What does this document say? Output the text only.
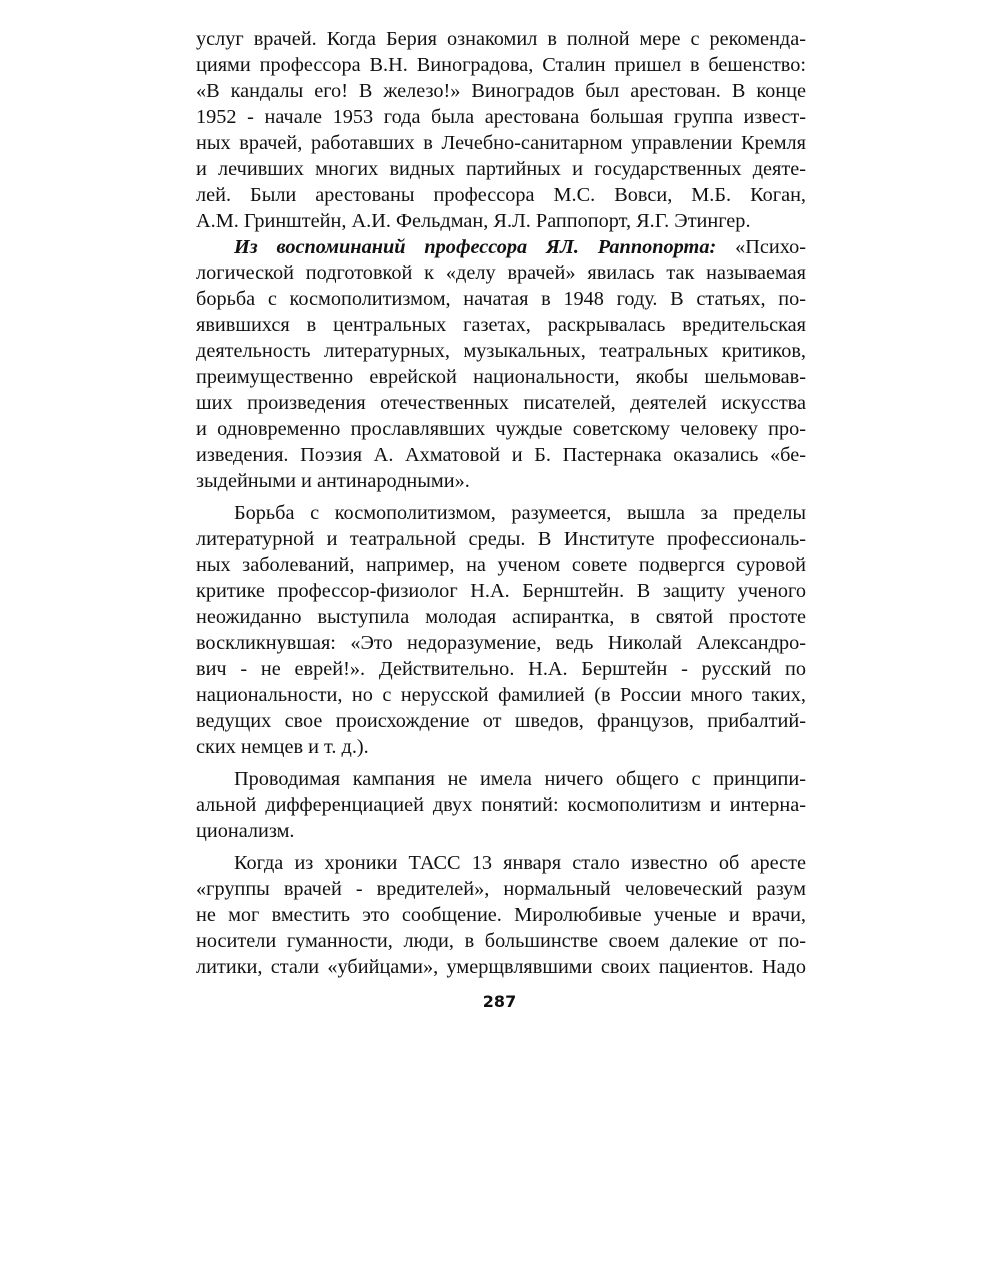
услуг врачей. Когда Берия ознакомил в полной мере с рекоменда-
циями профессора В.Н. Виноградова, Сталин пришел в бешенство:
«В кандалы его! В железо!» Виноградов был арестован. В конце
1952 - начале 1953 года была арестована большая группа извест-
ных врачей, работавших в Лечебно-санитарном управлении Кремля
и лечивших многих видных партийных и государственных деяте-
лей. Были арестованы профессора М.С. Вовси, М.Б. Коган,
А.М. Гринштейн, А.И. Фельдман, Я.Л. Раппопорт, Я.Г. Этингер.
Из воспоминаний профессора ЯЛ. Раппопорта: «Психо-
логической подготовкой к «делу врачей» явилась так называемая
борьба с космополитизмом, начатая в 1948 году. В статьях, по-
явившихся в центральных газетах, раскрывалась вредительская
деятельность литературных, музыкальных, театральных критиков,
преимущественно еврейской национальности, якобы шельмовав-
ших произведения отечественных писателей, деятелей искусства
и одновременно прославлявших чуждые советскому человеку про-
изведения. Поэзия А. Ахматовой и Б. Пастернака оказались «бе-
зыдейными и антинародными».
Борьба с космополитизмом, разумеется, вышла за пределы
литературной и театральной среды. В Институте профессиональ-
ных заболеваний, например, на ученом совете подвергся суровой
критике профессор-физиолог Н.А. Бернштейн. В защиту ученого
неожиданно выступила молодая аспирантка, в святой простоте
воскликнувшая: «Это недоразумение, ведь Николай Александро-
вич - не еврей!». Действительно. Н.А. Берштейн - русский по
национальности, но с нерусской фамилией (в России много таких,
ведущих свое происхождение от шведов, французов, прибалтий-
ских немцев и т. д.).
Проводимая кампания не имела ничего общего с принципи-
альной дифференциацией двух понятий: космополитизм и интерна-
ционализм.
Когда из хроники ТАСС 13 января стало известно об аресте
«группы врачей - вредителей», нормальный человеческий разум
не мог вместить это сообщение. Миролюбивые ученые и врачи,
носители гуманности, люди, в большинстве своем далекие от по-
литики, стали «убийцами», умерщвлявшими своих пациентов. Надо
287
